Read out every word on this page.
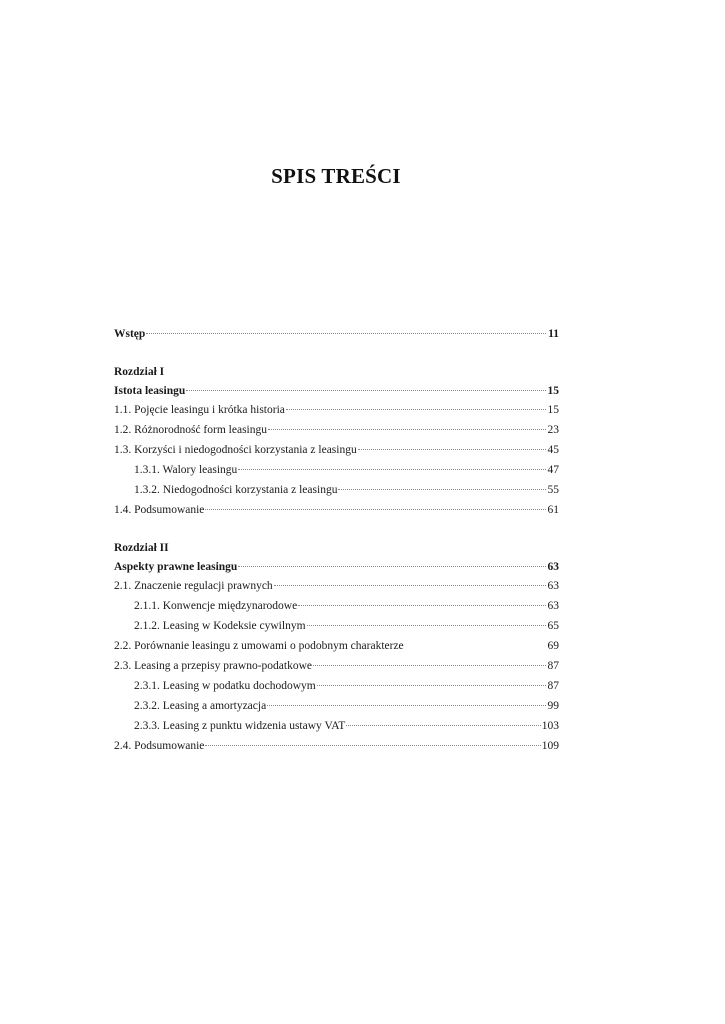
SPIS TREŚCI
Wstęp	11
Rozdział I
Istota leasingu	15
1.1. Pojęcie leasingu i krótka historia	15
1.2. Różnorodność form leasingu	23
1.3. Korzyści i niedogodności korzystania z leasingu	45
1.3.1. Walory leasingu	47
1.3.2. Niedogodności korzystania z leasingu	55
1.4. Podsumowanie	61
Rozdział II
Aspekty prawne leasingu	63
2.1. Znaczenie regulacji prawnych	63
2.1.1. Konwencje międzynarodowe	63
2.1.2. Leasing w Kodeksie cywilnym	65
2.2. Porównanie leasingu z umowami o podobnym charakterze	69
2.3. Leasing a przepisy prawno-podatkowe	87
2.3.1. Leasing w podatku dochodowym	87
2.3.2. Leasing a amortyzacja	99
2.3.3. Leasing z punktu widzenia ustawy VAT	103
2.4. Podsumowanie	109
